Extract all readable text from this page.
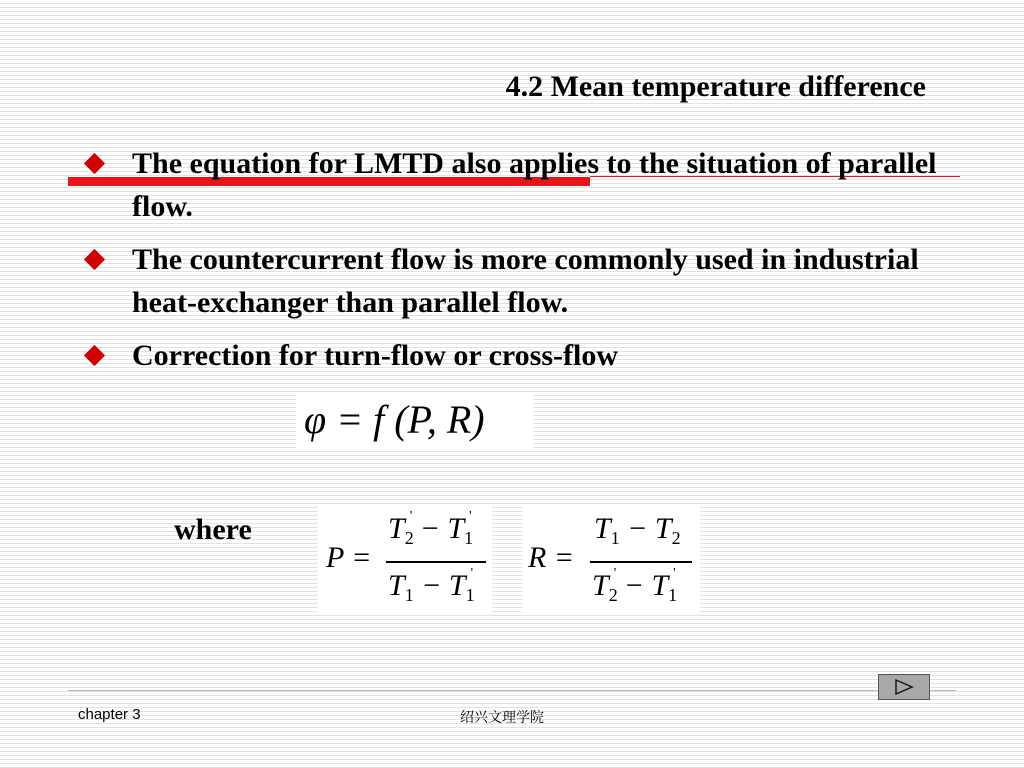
4.2 Mean temperature difference
The equation for LMTD also applies to the situation of parallel flow.
The countercurrent flow is more commonly used in industrial heat-exchanger than parallel flow.
Correction for turn-flow or cross-flow
φ = f (P, R)
where
P =
$T_2' - T_1'$
$T_1 - T_1'$ R =
$T_1 - T_2$
$T_2' - T_1'$
chapter 3	绍兴文理学院
